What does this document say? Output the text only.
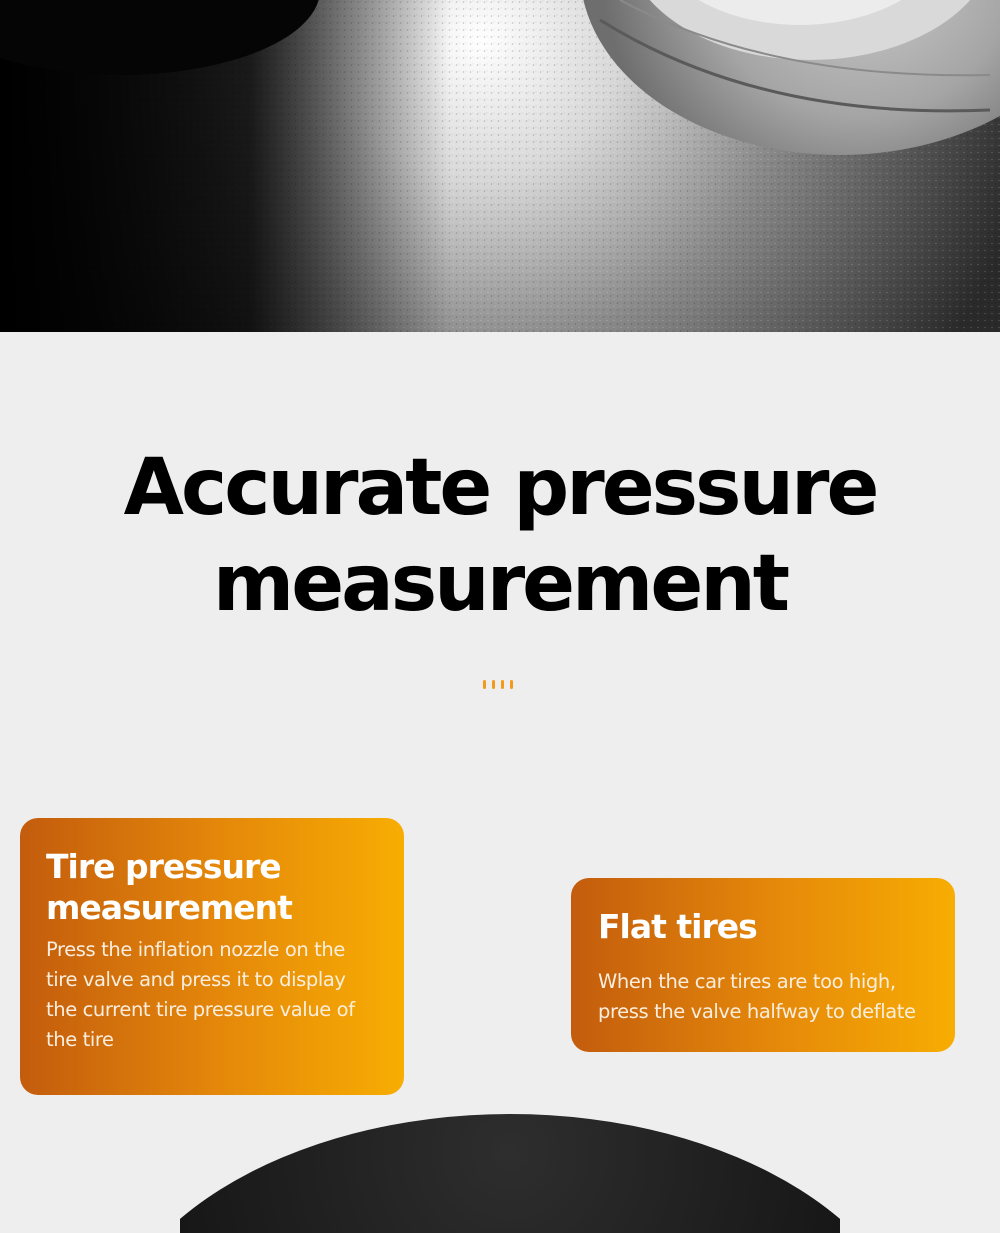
Accurate pressure
measurement
Tire pressure
measurement
Press the inflation nozzle on the
tire valve and press it to display
the current tire pressure value of
the tire
Flat tires
When the car tires are too high,
press the valve halfway to deflate
